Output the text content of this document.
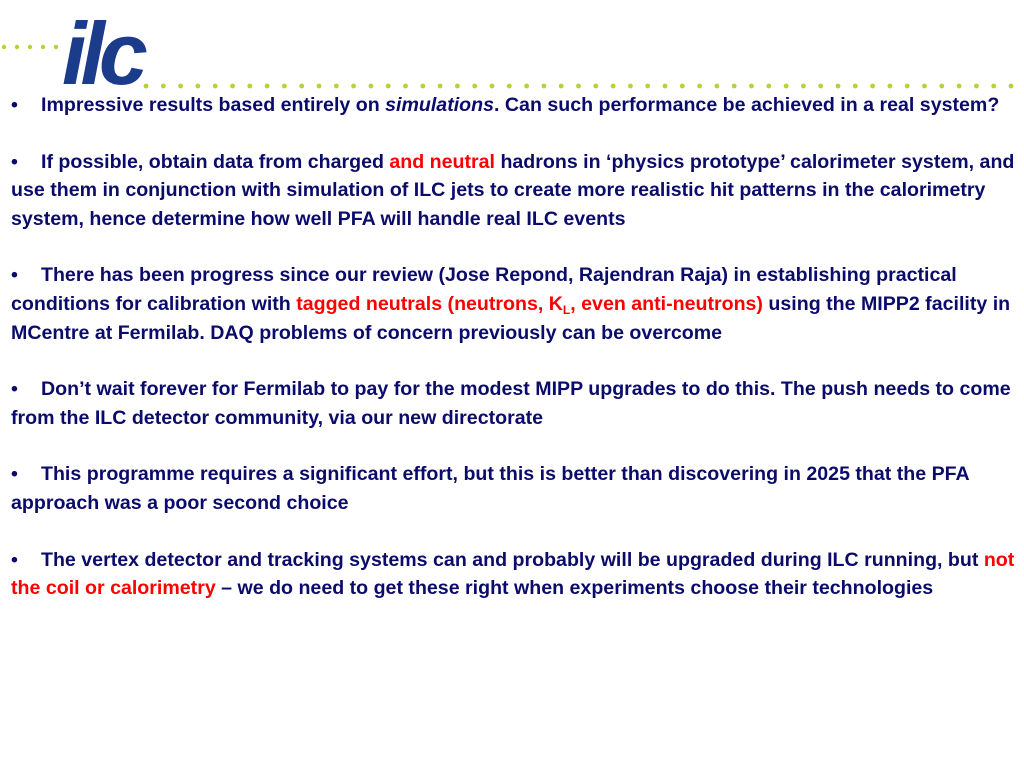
ilc

• Impressive results based entirely on simulations. Can such performance be achieved in a real system?

• If possible, obtain data from charged and neutral hadrons in ‘physics prototype’ calorimeter system, and use them in conjunction with simulation of ILC jets to create more realistic hit patterns in the calorimetry system, hence determine how well PFA will handle real ILC events

• There has been progress since our review (Jose Repond, Rajendran Raja) in establishing practical conditions for calibration with tagged neutrals (neutrons, $K_L$, even anti-neutrons) using the MIPP2 facility in MCentre at Fermilab. DAQ problems of concern previously can be overcome

• Don’t wait forever for Fermilab to pay for the modest MIPP upgrades to do this. The push needs to come from the ILC detector community, via our new directorate

• This programme requires a significant effort, but this is better than discovering in 2025 that the PFA approach was a poor second choice

• The vertex detector and tracking systems can and probably will be upgraded during ILC running, but not the coil or calorimetry – we do need to get these right when experiments choose their technologies
